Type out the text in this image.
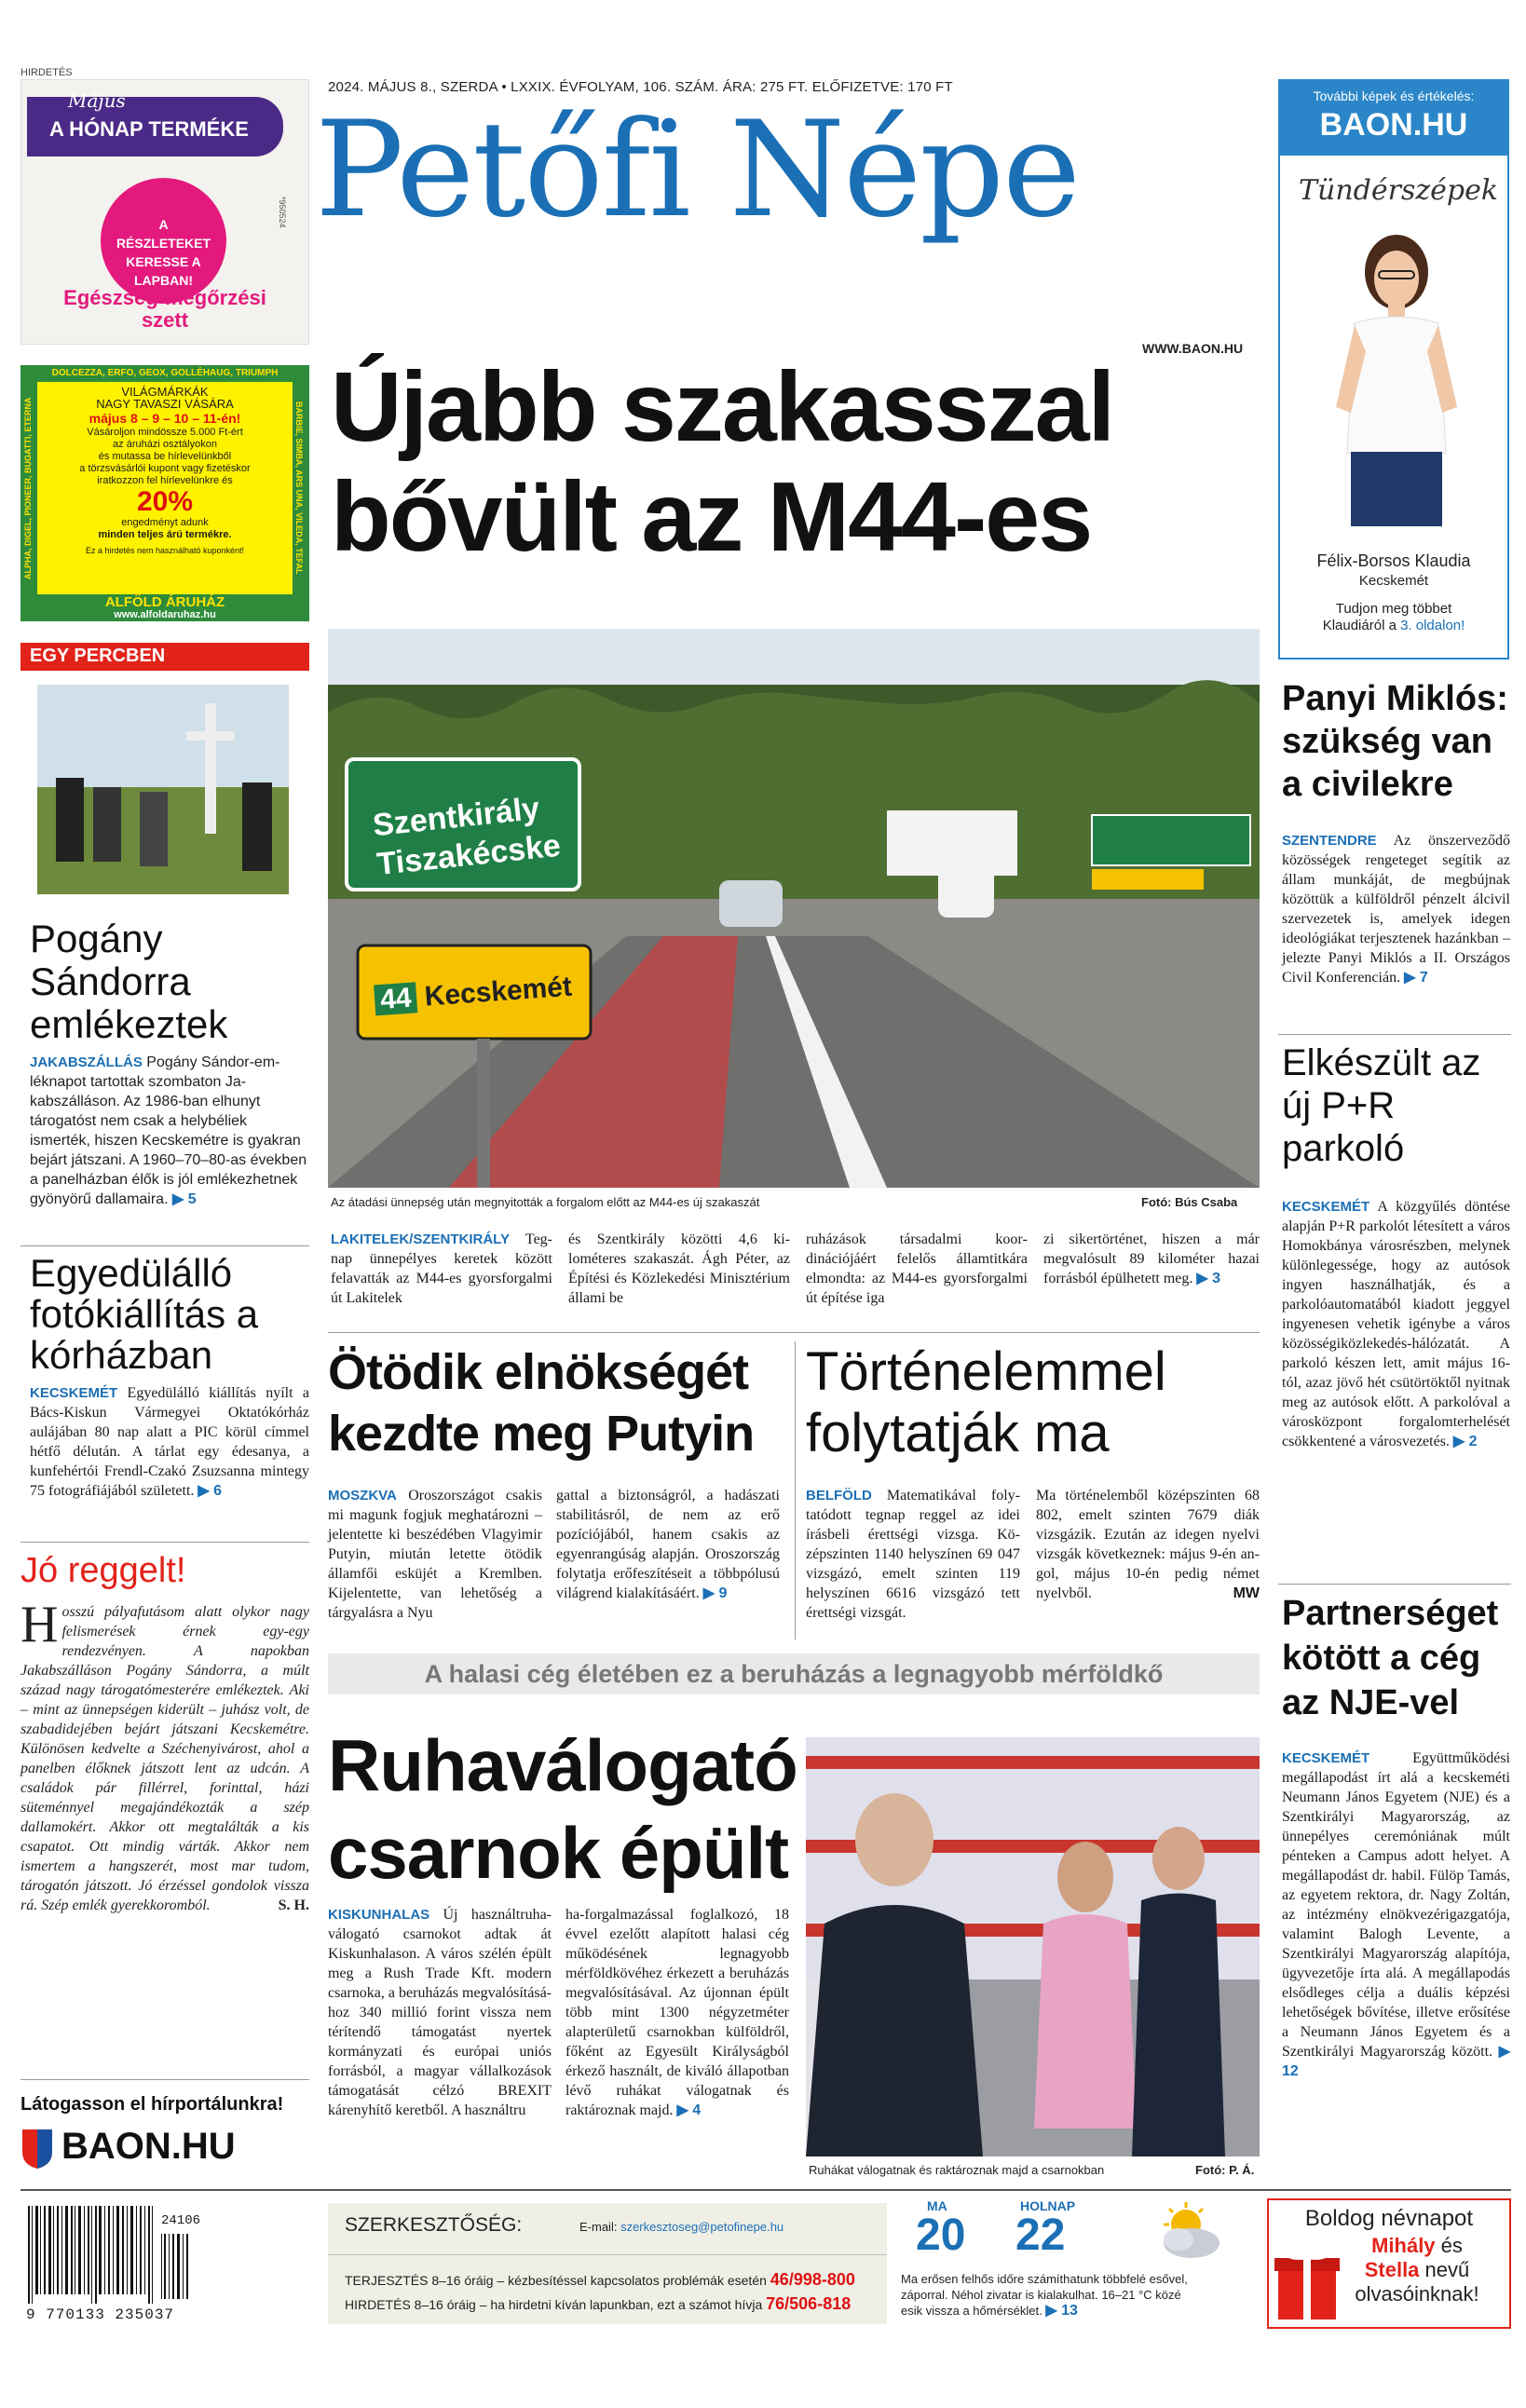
HIRDETÉS
Május
A HÓNAP TERMÉKE
A RÉSZLETEKET KERESSE A LAPBAN!
*950524
Egészség-megőrzési
szett
DOLCEZZA, ERFO, GEOX, GOLLÉHAUG, TRIUMPH
ALPHA, DIGEL, PIONEER, BUGATTI, ETERNA	BARBIE, SIMBA, ARS UNA, VILEDA, TEFAL
VILÁGMÁRKÁK
NAGY TAVASZI VÁSÁRA
május 8 – 9 – 10 – 11-én!
Vásároljon mindössze 5.000 Ft-ért
az áruházi osztályokon
és mutassa be hírlevelünkből
a törzsvásárlói kupont vagy fizetéskor
iratkozzon fel hírlevelünkre és
20%
engedményt adunk
minden teljes árú termékre.
Ez a hirdetés nem használható kuponként!
ALFÖLD ÁRUHÁZ
www.alfoldaruhaz.hu
2024. MÁJUS 8., SZERDA • LXXIX. ÉVFOLYAM, 106. SZÁM. ÁRA: 275 FT. ELŐFIZETVE: 170 FT
Petőfi Népe
WWW.BAON.HU
További képek és értékelés:
BAON.HU
Tündérszépek
Félix-Borsos Klaudia
Kecskemét
Tudjon meg többet
Klaudiáról a 3. oldalon!
Újabb szakasszal
bővült az M44-es
Szentkirály
Tiszakécske
44 Kecskemét
Az átadási ünnepség után megnyitották a forgalom előtt az M44-es új szakaszát	Fotó: Bús Csaba
LAKITELEK/SZENTKIRÁLY Tegnap ünnepélyes keretek között felavatták az M44-es gyorsforgalmi út Lakitelek
és Szentkirály közötti 4,6 kilométeres szakaszát. Ágh Péter, az Építési és Közlekedési Minisztérium állami be
ruházások társadalmi koordinációjáért felelős államtitkára elmondta: az M44-es gyorsforgalmi út építése iga
zi sikertörténet, hiszen a már megvalósult 89 kilométer hazai forrásból épülhetett meg. ▶ 3
EGY PERCBEN
Pogány Sándorra emlékeztek
JAKABSZÁLLÁS Pogány Sándor-emléknapot tartottak szombaton Jakabszálláson. Az 1986-ban elhunyt tárogatóst nem csak a helybéliek ismerték, hiszen Kecskemétre is gyakran bejárt játszani. A 1960–70–80-as években a panelházban élők is jól emlékezhetnek gyönyörű dallamaira. ▶ 5
Egyedülálló fotókiállítás a kórházban
KECSKEMÉT Egyedülálló kiállítás nyílt a Bács-Kiskun Vármegyei Oktatókórház aulájában 80 nap alatt a PIC körül címmel hétfő délután. A tárlat egy édesanya, a kunfehértói Frendl-Czakó Zsuzsanna mintegy 75 fotográfiájából született. ▶ 6
Jó reggelt!
Hosszú pályafutásom alatt olykor nagy felismerések érnek egy-egy rendezvényen. A napokban Jakabszálláson Pogány Sándorra, a múlt század nagy tárogatómesterére emlékeztek. Aki – mint az ünnepségen kiderült – juhász volt, de szabadidejében bejárt játszani Kecskemétre. Különösen kedvelte a Széchenyivárost, ahol a panelben élőknek játszott lent az udcán. A családok pár fillérrel, forinttal, házi süteménnyel megajándékozták a szép dallamokért. Akkor ott megtalálták a kis csapatot. Ott mindig várták. Akkor nem ismertem a hangszerét, most mar tudom, tárogatón játszott. Jó érzéssel gondolok vissza rá. Szép emlék gyerekkoromból.	S. H.
Látogasson el hírportálunkra!
BAON.HU
Ötödik elnökségét
kezdte meg Putyin
MOSZKVA Oroszországot csakis mi magunk fogjuk meghatározni – jelentette ki beszédében Vlagyimir Putyin, miután letette ötödik államfői esküjét a Kremlben. Kijelentette, van lehetőség a tárgyalásra a Nyu
gattal a biztonságról, a hadászati stabilitásról, de nem az erő pozíciójából, hanem csakis az egyenrangúság alapján. Oroszország folytatja erőfeszítéseit a többpólusú világrend kialakításáért. ▶ 9
Történelemmel
folytatják ma
BELFÖLD Matematikával folytatódott tegnap reggel az idei írásbeli érettségi vizsga. Középszinten 1140 helyszínen 69 047 vizsgázó, emelt szinten 119 helyszínen 6616 vizsgázó tett érettségi vizsgát.
Ma történelemből középszinten 68 802, emelt szinten 7679 diák vizsgázik. Ezután az idegen nyelvi vizsgák következnek: május 9-én angol, május 10-én pedig német nyelvből.	MW
A halasi cég életében ez a beruházás a legnagyobb mérföldkő
Ruhaválogató
csarnok épült
KISKUNHALAS Új használtruha-válogató csarnokot adtak át Kiskunhalason. A város szélén épült meg a Rush Trade Kft. modern csarnoka, a beruházás megvalósításához 340 millió forint vissza nem térítendő támogatást nyertek kormányzati és európai uniós forrásból, a magyar vállalkozások támogatását célzó BREXIT kárenyhítő keretből. A használtru
ha-forgalmazással foglalkozó, 18 évvel ezelőtt alapított halasi cég működésének legnagyobb mérföldkövéhez érkezett a beruházás megvalósításával. Az újonnan épült több mint 1300 négyzetméter alapterületű csarnokban külföldről, főként az Egyesült Királyságból érkező használt, de kiváló állapotban lévő ruhákat válogatnak és raktároznak majd. ▶ 4
Ruhákat válogatnak és raktároznak majd a csarnokban	Fotó: P. Á.
Panyi Miklós: szükség van a civilekre
SZENTENDRE Az önszerveződő közösségek rengeteget segítik az állam munkáját, de megbújnak közöttük a külföldről pénzelt álcivil szervezetek is, amelyek idegen ideológiákat terjesztenek hazánkban – jelezte Panyi Miklós a II. Országos Civil Konferencián. ▶ 7
Elkészült az új P+R parkoló
KECSKEMÉT A közgyűlés döntése alapján P+R parkolót létesített a város Homokbánya városrészben, melynek különlegessége, hogy az autósok ingyen használhatják, és a parkolóautomatából kiadott jeggyel ingyenesen vehetik igénybe a város közösségiközlekedés-hálózatát. A parkoló készen lett, amit május 16-tól, azaz jövő hét csütörtöktől nyitnak meg az autósok előtt. A parkolóval a városközpont forgalomterhelését csökkentené a városvezetés. ▶ 2
Partnerséget kötött a cég az NJE-vel
KECSKEMÉT	Együttműködési megállapodást írt alá a kecskeméti Neumann János Egyetem (NJE) és a Szentkirályi Magyarország, az ünnepélyes ceremóniának múlt pénteken a Campus adott helyet. A megállapodást dr. habil. Fülöp Tamás, az egyetem rektora, dr. Nagy Zoltán, az intézmény elnökvezérigazgatója, valamint Balogh Levente, a Szentkirályi Magyarország alapítója, ügyvezetője írta alá. A megállapodás elsődleges célja a duális képzési lehetőségek bővítése, illetve erősítése a Neumann János Egyetem és a Szentkirályi Magyarország között. ▶ 12
24106
9 770133 235037
SZERKESZTŐSÉG:	E-mail: szerkesztoseg@petofinepe.hu
TERJESZTÉS 8–16 óráig – kézbesítéssel kapcsolatos problémák esetén 46/998-800
HIRDETÉS 8–16 óráig – ha hirdetni kíván lapunkban, ezt a számot hívja 76/506-818
MA
20
HOLNAP
22
Ma erősen felhős időre számíthatunk többfelé esővel, záporral. Néhol zivatar is kialakulhat. 16–21 °C közé esik vissza a hőmérséklet. ▶ 13
Boldog névnapot
Mihály és
Stella nevű
olvasóinknak!
